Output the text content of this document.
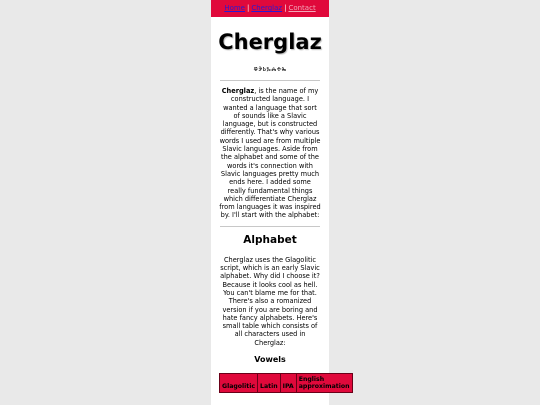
Home | Cherglaz | Contact
Cherglaz
ⰝⰅⰓⰃⰎⰀⰈ

Cherglaz, is the name of my constructed language. I wanted a language that sort of sounds like a Slavic language, but is constructed differently. That's why various words I used are from multiple Slavic languages. Aside from the alphabet and some of the words it's connection with Slavic languages pretty much ends here. I added some really fundamental things which differentiate Cherglaz from languages it was inspired by. I'll start with the alphabet:

Alphabet

Cherglaz uses the Glagolitic script, which is an early Slavic alphabet. Why did I choose it? Because it looks cool as hell. You can't blame me for that. There's also a romanized version if you are boring and hate fancy alphabets. Here's small table which consists of all characters used in Cherglaz:

Vowels
Glagolitic	Latin	IPA	English approximation
